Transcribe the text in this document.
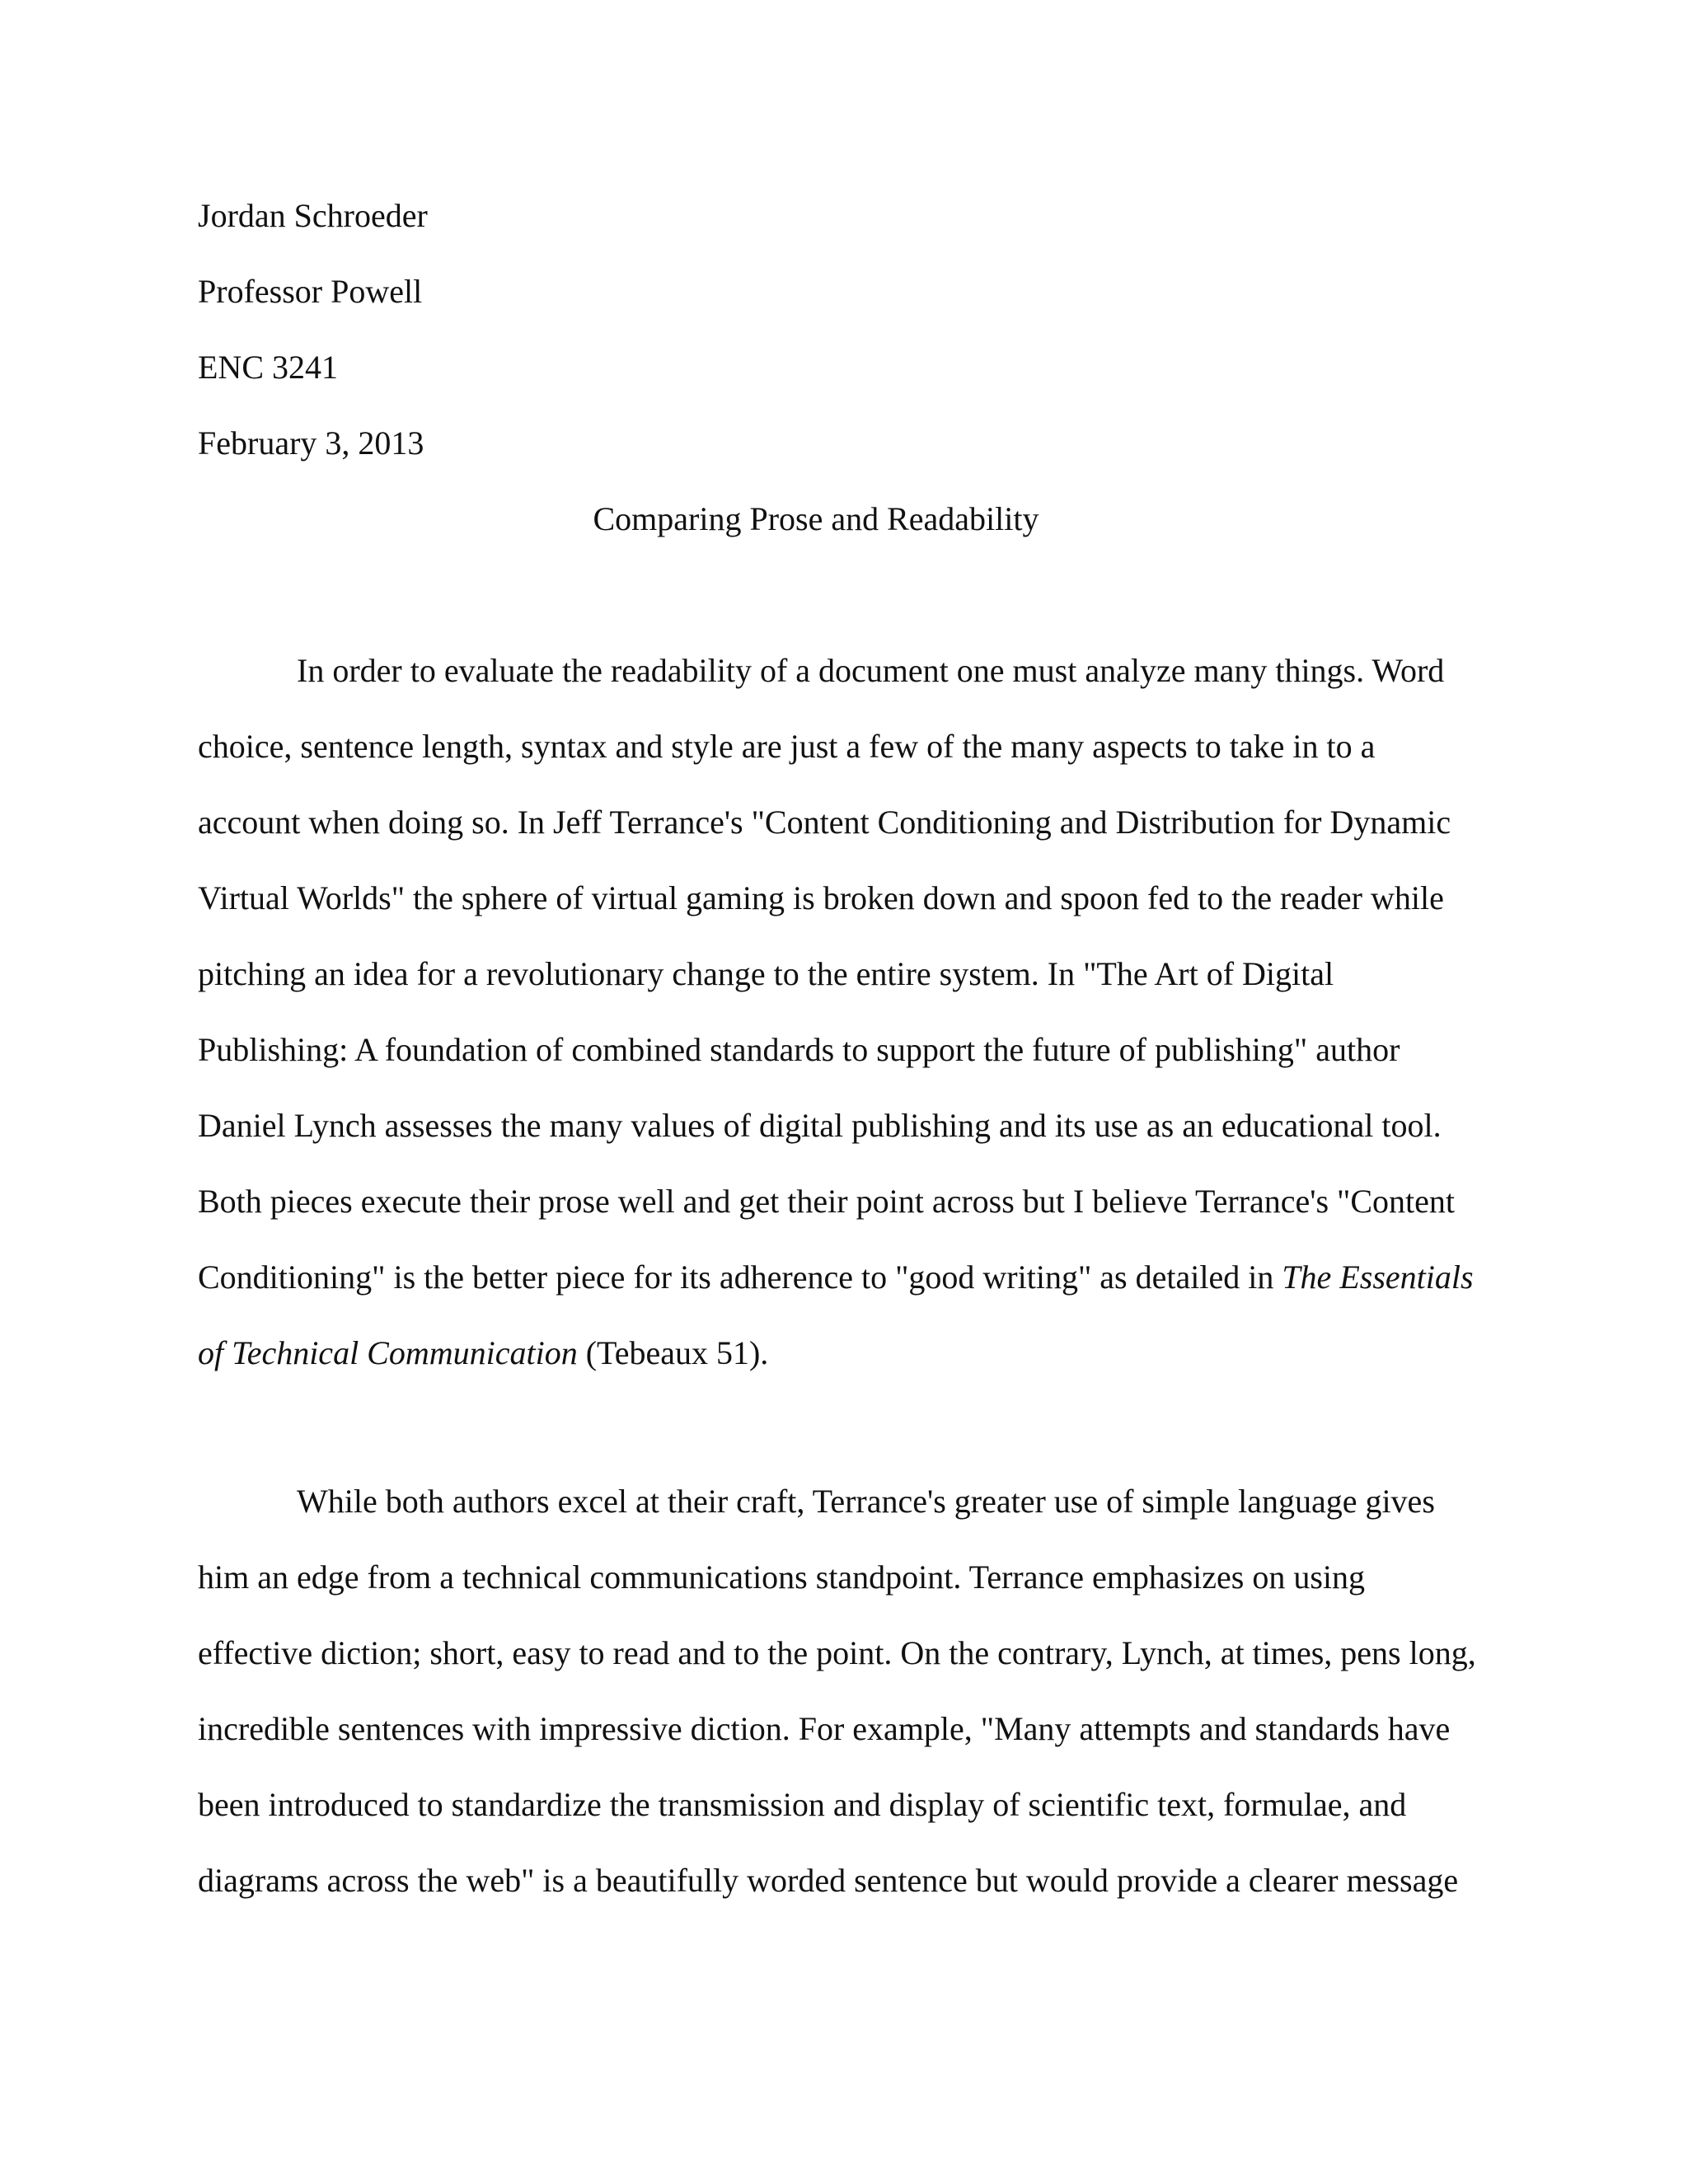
Jordan Schroeder
Professor Powell
ENC 3241
February 3, 2013
Comparing Prose and Readability
In order to evaluate the readability of a document one must analyze many things. Word
choice, sentence length, syntax and style are just a few of the many aspects to take in to a
account when doing so. In Jeff Terrance's "Content Conditioning and Distribution for Dynamic
Virtual Worlds" the sphere of virtual gaming is broken down and spoon fed to the reader while
pitching an idea for a revolutionary change to the entire system. In "The Art of Digital
Publishing: A foundation of combined standards to support the future of publishing" author
Daniel Lynch assesses the many values of digital publishing and its use as an educational tool.
Both pieces execute their prose well and get their point across but I believe Terrance's "Content
Conditioning" is the better piece for its adherence to "good writing" as detailed in The Essentials
of Technical Communication (Tebeaux 51).
While both authors excel at their craft, Terrance's greater use of simple language gives
him an edge from a technical communications standpoint. Terrance emphasizes on using
effective diction; short, easy to read and to the point. On the contrary, Lynch, at times, pens long,
incredible sentences with impressive diction. For example, "Many attempts and standards have
been introduced to standardize the transmission and display of scientific text, formulae, and
diagrams across the web" is a beautifully worded sentence but would provide a clearer message
